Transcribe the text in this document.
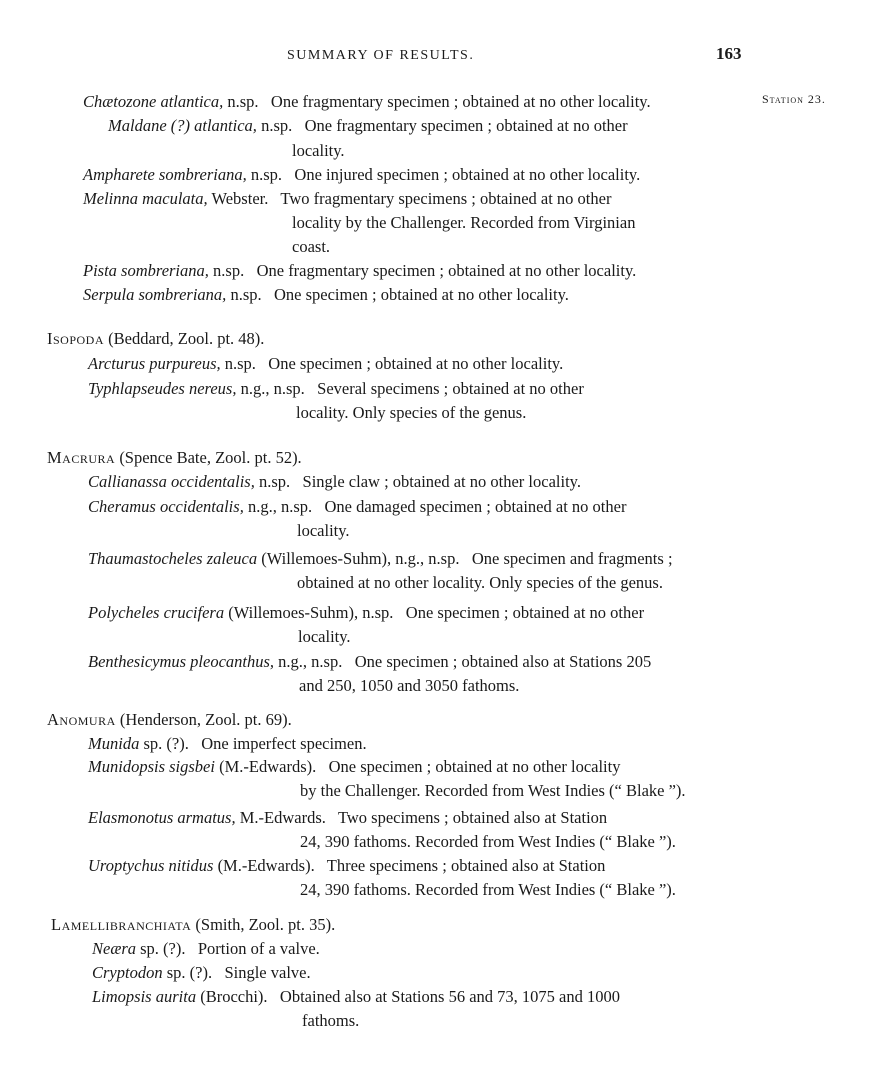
SUMMARY OF RESULTS.	163
Station 23.
Chætozone atlantica, n.sp.   One fragmentary specimen ; obtained at no other locality.
Maldane (?) atlantica, n.sp.   One fragmentary specimen ; obtained at no other
locality.
Ampharete sombreriana, n.sp.   One injured specimen ; obtained at no other locality.
Melinna maculata, Webster.   Two fragmentary specimens ; obtained at no other
locality by the Challenger. Recorded from Virginian
coast.
Pista sombreriana, n.sp.   One fragmentary specimen ; obtained at no other locality.
Serpula sombreriana, n.sp.   One specimen ; obtained at no other locality.
Isopoda (Beddard, Zool. pt. 48).
Arcturus purpureus, n.sp.   One specimen ; obtained at no other locality.
Typhlapseudes nereus, n.g., n.sp.   Several specimens ; obtained at no other
locality. Only species of the genus.
Macrura (Spence Bate, Zool. pt. 52).
Callianassa occidentalis, n.sp.   Single claw ; obtained at no other locality.
Cheramus occidentalis, n.g., n.sp.   One damaged specimen ; obtained at no other
locality.
Thaumastocheles zaleuca (Willemoes-Suhm), n.g., n.sp.   One specimen and fragments ;
obtained at no other locality. Only species of the genus.
Polycheles crucifera (Willemoes-Suhm), n.sp.   One specimen ; obtained at no other
locality.
Benthesicymus pleocanthus, n.g., n.sp.   One specimen ; obtained also at Stations 205
and 250, 1050 and 3050 fathoms.
Anomura (Henderson, Zool. pt. 69).
Munida sp. (?).   One imperfect specimen.
Munidopsis sigsbei (M.-Edwards).   One specimen ; obtained at no other locality
by the Challenger. Recorded from West Indies (“ Blake ”).
Elasmonotus armatus, M.-Edwards.   Two specimens ; obtained also at Station
24, 390 fathoms. Recorded from West Indies (“ Blake ”).
Uroptychus nitidus (M.-Edwards).   Three specimens ; obtained also at Station
24, 390 fathoms. Recorded from West Indies (“ Blake ”).
Lamellibranchiata (Smith, Zool. pt. 35).
Neæra sp. (?).   Portion of a valve.
Cryptodon sp. (?).   Single valve.
Limopsis aurita (Brocchi).   Obtained also at Stations 56 and 73, 1075 and 1000
fathoms.
